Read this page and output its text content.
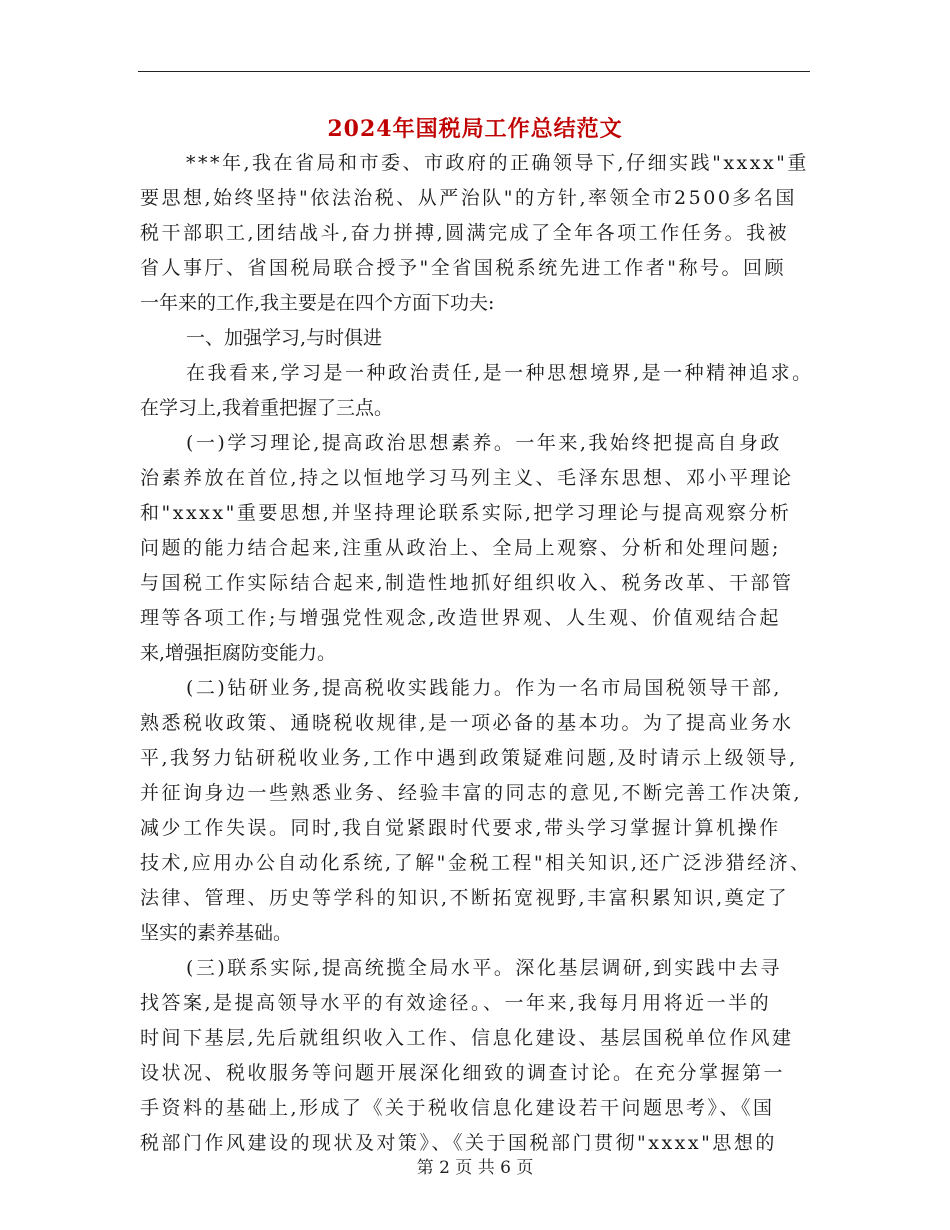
2024年国税局工作总结范文
***年,我在省局和市委、市政府的正确领导下,仔细实践"xxxx"重
要思想,始终坚持"依法治税、从严治队"的方针,率领全市2500多名国
税干部职工,团结战斗,奋力拼搏,圆满完成了全年各项工作任务。我被
省人事厅、省国税局联合授予"全省国税系统先进工作者"称号。回顾
一年来的工作,我主要是在四个方面下功夫:
一、加强学习,与时俱进
在我看来,学习是一种政治责任,是一种思想境界,是一种精神追求。
在学习上,我着重把握了三点。
(一)学习理论,提高政治思想素养。一年来,我始终把提高自身政
治素养放在首位,持之以恒地学习马列主义、毛泽东思想、邓小平理论
和"xxxx"重要思想,并坚持理论联系实际,把学习理论与提高观察分析
问题的能力结合起来,注重从政治上、全局上观察、分析和处理问题;
与国税工作实际结合起来,制造性地抓好组织收入、税务改革、干部管
理等各项工作;与增强党性观念,改造世界观、人生观、价值观结合起
来,增强拒腐防变能力。
(二)钻研业务,提高税收实践能力。作为一名市局国税领导干部,
熟悉税收政策、通晓税收规律,是一项必备的基本功。为了提高业务水
平,我努力钻研税收业务,工作中遇到政策疑难问题,及时请示上级领导,
并征询身边一些熟悉业务、经验丰富的同志的意见,不断完善工作决策,
减少工作失误。同时,我自觉紧跟时代要求,带头学习掌握计算机操作
技术,应用办公自动化系统,了解"金税工程"相关知识,还广泛涉猎经济、
法律、管理、历史等学科的知识,不断拓宽视野,丰富积累知识,奠定了
坚实的素养基础。
(三)联系实际,提高统揽全局水平。深化基层调研,到实践中去寻
找答案,是提高领导水平的有效途径。、一年来,我每月用将近一半的
时间下基层,先后就组织收入工作、信息化建设、基层国税单位作风建
设状况、税收服务等问题开展深化细致的调查讨论。在充分掌握第一
手资料的基础上,形成了《关于税收信息化建设若干问题思考》、《国
税部门作风建设的现状及对策》、《关于国税部门贯彻"xxxx"思想的
第 2 页 共 6 页
